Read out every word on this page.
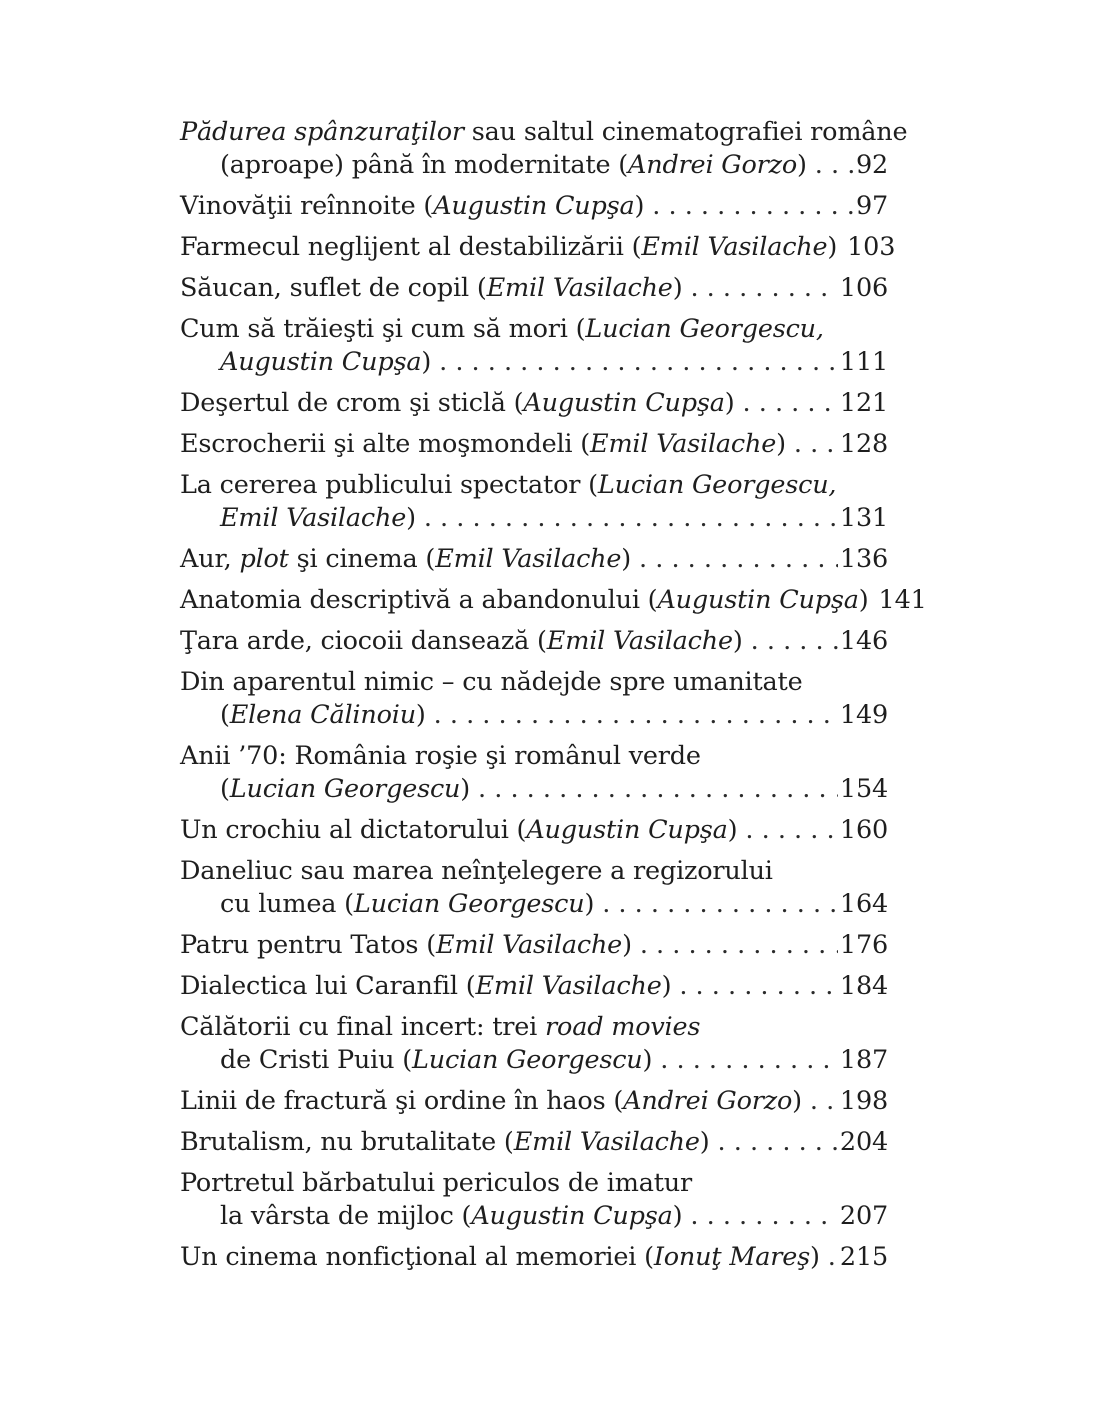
Pădurea spânzuraţilor sau saltul cinematografiei române
(aproape) până în modernitate (Andrei Gorzo) . . . 92
Vinovăţii reînnoite (Augustin Cupşa) . . .	97
Farmecul neglijent al destabilizării (Emil Vasilache) 103
Săucan, suflet de copil (Emil Vasilache) . . .	106
Cum să trăieşti şi cum să mori (Lucian Georgescu,
Augustin Cupşa) . . .	111
Deşertul de crom şi sticlă (Augustin Cupşa) . . .	121
Escrocherii şi alte moşmondeli (Emil Vasilache) . . . 128
La cererea publicului spectator (Lucian Georgescu,
Emil Vasilache) . . .	131
Aur, plot şi cinema (Emil Vasilache) . . .	136
Anatomia descriptivă a abandonului (Augustin Cupşa) 141
Ţara arde, ciocoii dansează (Emil Vasilache) . . .	146
Din aparentul nimic – cu nădejde spre umanitate
(Elena Călinoiu) . . .	149
Anii ’70: România roşie şi românul verde
(Lucian Georgescu) . . .	154
Un crochiu al dictatorului (Augustin Cupşa) . . .	160
Daneliuc sau marea neînţelegere a regizorului
cu lumea (Lucian Georgescu) . . .	164
Patru pentru Tatos (Emil Vasilache) . . .	176
Dialectica lui Caranfil (Emil Vasilache) . . .	184
Călătorii cu final incert: trei road movies
de Cristi Puiu (Lucian Georgescu) . . .	187
Linii de fractură şi ordine în haos (Andrei Gorzo) . . . 198
Brutalism, nu brutalitate (Emil Vasilache) . . .	204
Portretul bărbatului periculos de imatur
la vârsta de mijloc (Augustin Cupşa) . . .	207
Un cinema nonficţional al memoriei (Ionuţ Mareş) . . . 215
